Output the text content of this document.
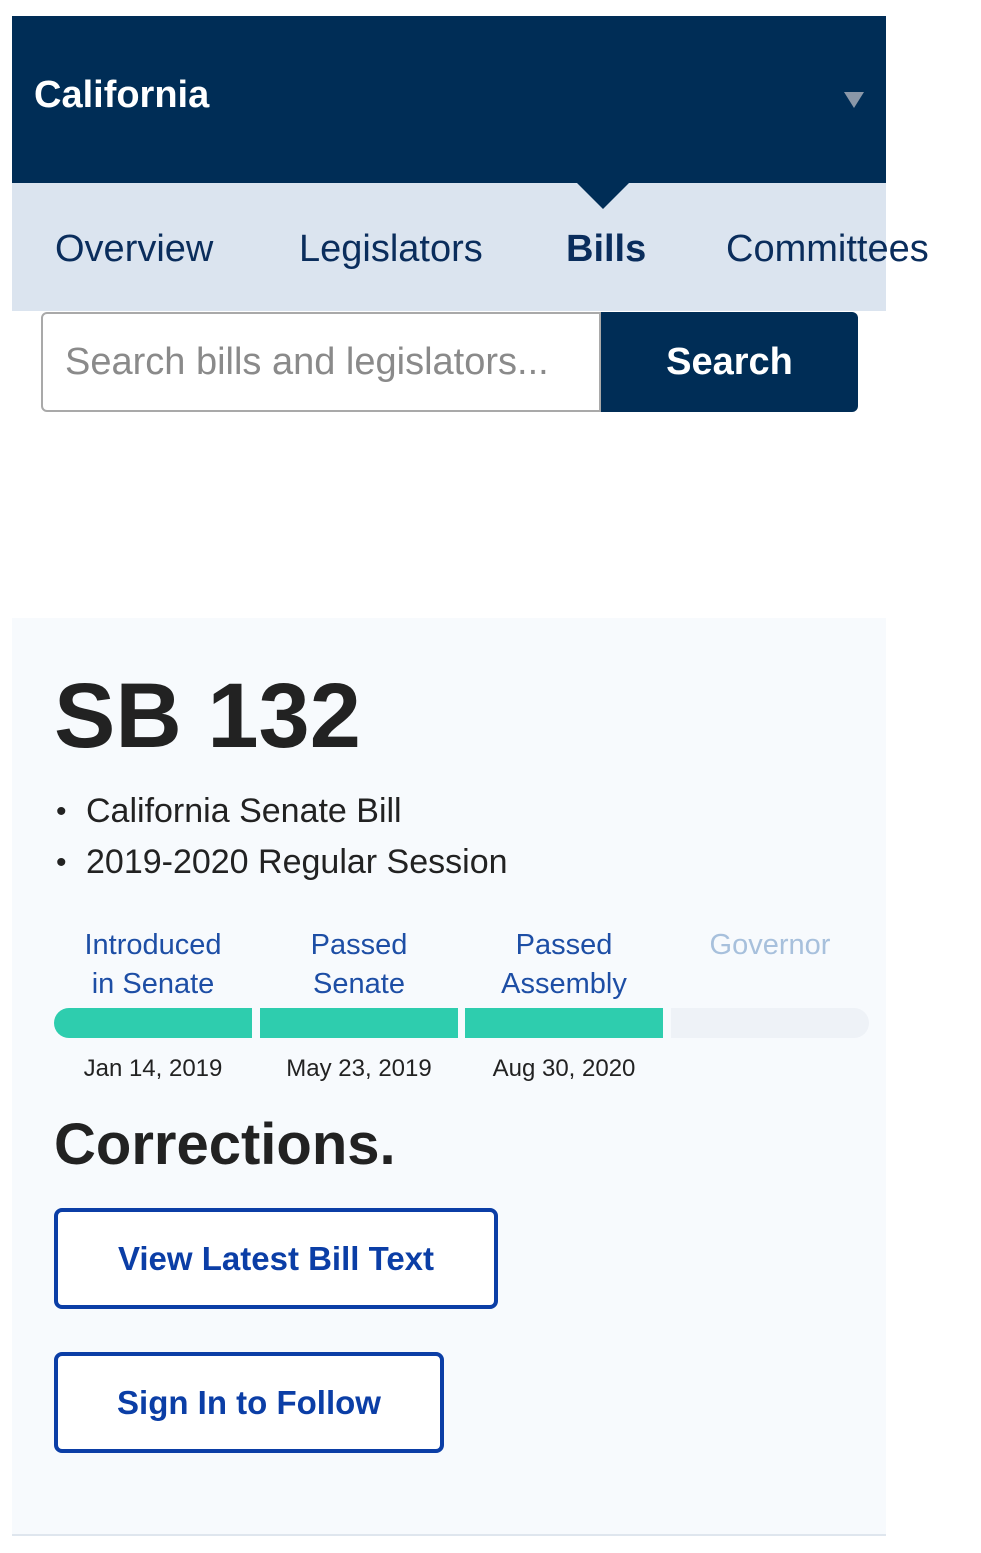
California
Overview Legislators Bills Committees
Search bills and legislators...
Search
SB 132
• California Senate Bill
• 2019-2020 Regular Session
Introduced
in Senate
Passed
Senate
Passed
Assembly
Governor
Jan 14, 2019	May 23, 2019	Aug 30, 2020
Corrections.
View Latest Bill Text
Sign In to Follow
